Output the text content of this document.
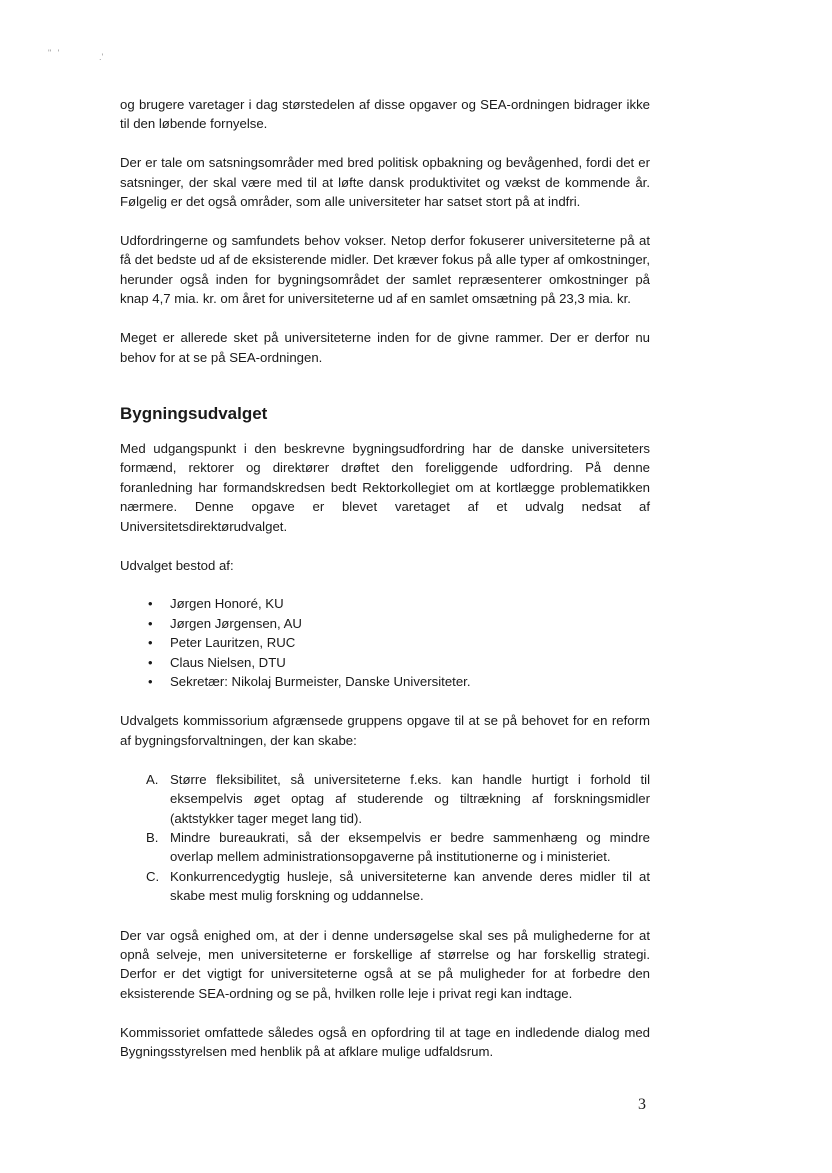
" '	.'

og brugere varetager i dag størstedelen af disse opgaver og SEA-ordningen bidrager ikke til den løbende fornyelse.

Der er tale om satsningsområder med bred politisk opbakning og bevågenhed, fordi det er satsninger, der skal være med til at løfte dansk produktivitet og vækst de kommende år. Følgelig er det også områder, som alle universiteter har satset stort på at indfri.

Udfordringerne og samfundets behov vokser. Netop derfor fokuserer universiteterne på at få det bedste ud af de eksisterende midler. Det kræver fokus på alle typer af omkostninger, herunder også inden for bygningsområdet der samlet repræsenterer omkostninger på knap 4,7 mia. kr. om året for universiteterne ud af en samlet omsætning på 23,3 mia. kr.

Meget er allerede sket på universiteterne inden for de givne rammer. Der er derfor nu behov for at se på SEA-ordningen.

Bygningsudvalget

Med udgangspunkt i den beskrevne bygningsudfordring har de danske universiteters formænd, rektorer og direktører drøftet den foreliggende udfordring. På denne foranledning har formandskredsen bedt Rektorkollegiet om at kortlægge problematikken nærmere. Denne opgave er blevet varetaget af et udvalg nedsat af Universitetsdirektørudvalget.

Udvalget bestod af:

• Jørgen Honoré, KU
• Jørgen Jørgensen, AU
• Peter Lauritzen, RUC
• Claus Nielsen, DTU
• Sekretær: Nikolaj Burmeister, Danske Universiteter.

Udvalgets kommissorium afgrænsede gruppens opgave til at se på behovet for en reform af bygningsforvaltningen, der kan skabe:

A. Større fleksibilitet, så universiteterne f.eks. kan handle hurtigt i forhold til eksempelvis øget optag af studerende og tiltrækning af forskningsmidler (aktstykker tager meget lang tid).
B. Mindre bureaukrati, så der eksempelvis er bedre sammenhæng og mindre overlap mellem administrationsopgaverne på institutionerne og i ministeriet.
C. Konkurrencedygtig husleje, så universiteterne kan anvende deres midler til at skabe mest mulig forskning og uddannelse.

Der var også enighed om, at der i denne undersøgelse skal ses på mulighederne for at opnå selveje, men universiteterne er forskellige af størrelse og har forskellig strategi. Derfor er det vigtigt for universiteterne også at se på muligheder for at forbedre den eksisterende SEA-ordning og se på, hvilken rolle leje i privat regi kan indtage.

Kommissoriet omfattede således også en opfordring til at tage en indledende dialog med Bygningsstyrelsen med henblik på at afklare mulige udfaldsrum.

3
